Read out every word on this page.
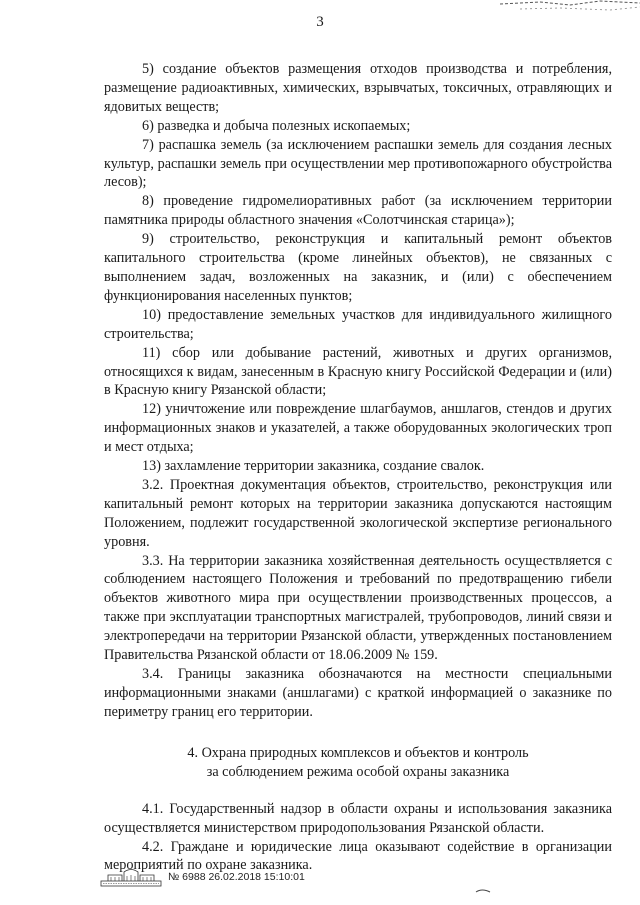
3

5) создание объектов размещения отходов производства и потребления, размещение радиоактивных, химических, взрывчатых, токсичных, отравляющих и ядовитых веществ;

6) разведка и добыча полезных ископаемых;

7) распашка земель (за исключением распашки земель для создания лесных культур, распашки земель при осуществлении мер противопожарного обустройства лесов);

8) проведение гидромелиоративных работ (за исключением территории памятника природы областного значения «Солотчинская старица»);

9) строительство, реконструкция и капитальный ремонт объектов капитального строительства (кроме линейных объектов), не связанных с выполнением задач, возложенных на заказник, и (или) с обеспечением функционирования населенных пунктов;

10) предоставление земельных участков для индивидуального жилищного строительства;

11) сбор или добывание растений, животных и других организмов, относящихся к видам, занесенным в Красную книгу Российской Федерации и (или) в Красную книгу Рязанской области;

12) уничтожение или повреждение шлагбаумов, аншлагов, стендов и других информационных знаков и указателей, а также оборудованных экологических троп и мест отдыха;

13) захламление территории заказника, создание свалок.

3.2. Проектная документация объектов, строительство, реконструкция или капитальный ремонт которых на территории заказника допускаются настоящим Положением, подлежит государственной экологической экспертизе регионального уровня.

3.3. На территории заказника хозяйственная деятельность осуществляется с соблюдением настоящего Положения и требований по предотвращению гибели объектов животного мира при осуществлении производственных процессов, а также при эксплуатации транспортных магистралей, трубопроводов, линий связи и электропередачи на территории Рязанской области, утвержденных постановлением Правительства Рязанской области от 18.06.2009 № 159.

3.4. Границы заказника обозначаются на местности специальными информационными знаками (аншлагами) с краткой информацией о заказнике по периметру границ его территории.

4. Охрана природных комплексов и объектов и контроль
за соблюдением режима особой охраны заказника

4.1. Государственный надзор в области охраны и использования заказника осуществляется министерством природопользования Рязанской области.

4.2. Граждане и юридические лица оказывают содействие в организации мероприятий по охране заказника.

№ 6988 26.02.2018 15:10:01
